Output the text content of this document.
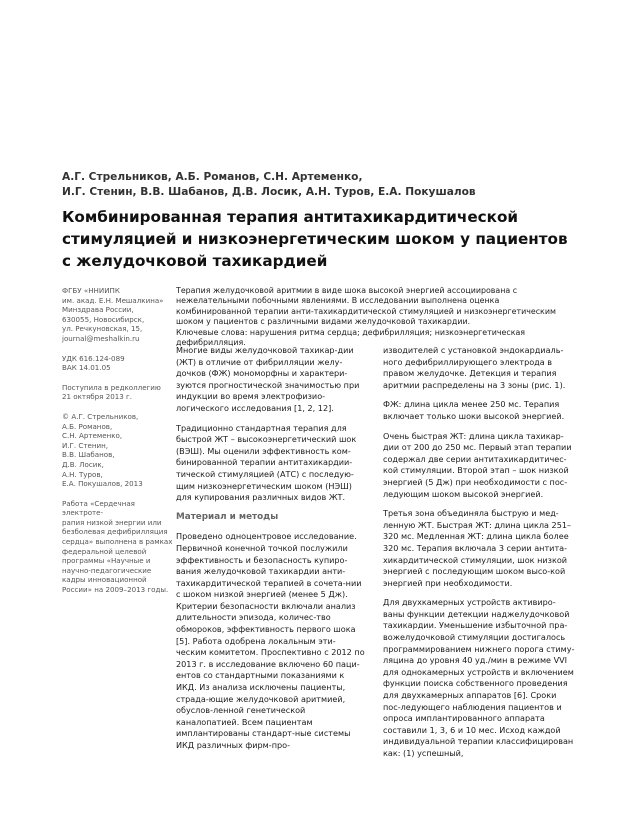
А.Г. Стрельников, А.Б. Романов, С.Н. Артеменко,
И.Г. Стенин, В.В. Шабанов, Д.В. Лосик, А.Н. Туров, Е.А. Покушалов
Комбинированная терапия антитахикардитической
стимуляцией и низкоэнергетическим шоком у пациентов
с желудочковой тахикардией

ФГБУ «ННИИПК
им. акад. Е.Н. Мешалкина»
Минздрава России,
630055, Новосибирск,
ул. Речкуновская, 15,
journal@meshalkin.ru

УДК 616.124-089
ВАК 14.01.05

Поступила в редколлегию
21 октября 2013 г.

© А.Г. Стрельников,
А.Б. Романов,
С.Н. Артеменко,
И.Г. Стенин,
В.В. Шабанов,
Д.В. Лосик,
А.Н. Туров,
Е.А. Покушалов, 2013

Работа «Сердечная электроте-
рапия низкой энергии или
безболевая дефибрилляция
сердца» выполнена в рамках
федеральной целевой
программы «Научные и
научно-педагогические
кадры инновационной
России» на 2009–2013 годы.

Терапия желудочковой аритмии в виде шока высокой энергией ассоциирована с нежелательными побочными явлениями. В исследовании выполнена оценка комбинированной терапии анти-тахикардитической стимуляцией и низкоэнергетическим шоком у пациентов с различными видами желудочковой тахикардии.

Ключевые слова: нарушения ритма сердца; дефибрилляция; низкоэнергетическая дефибрилляция.

Многие виды желудочковой тахикар-дии (ЖТ) в отличие от фибрилляции желу-дочков (ФЖ) мономорфны и характери-зуются прогностической значимостью при индукции во время электрофизио-логического исследования [1, 2, 12].

Традиционно стандартная терапия для быстрой ЖТ – высокоэнергетический шок (ВЭШ). Мы оценили эффективность ком-бинированной терапии антитахикардии-тической стимуляцией (АТС) с последую-щим низкоэнергетическим шоком (НЭШ) для купирования различных видов ЖТ.

Материал и методы

Проведено одноцентровое исследование. Первичной конечной точкой послужили эффективность и безопасность купиро-вания желудочковой тахикардии анти-тахикардитической терапией в сочета-нии с шоком низкой энергией (менее 5 Дж). Критерии безопасности включали анализ длительности эпизода, количес-тво обмороков, эффективность первого шока [5]. Работа одобрена локальным эти-ческим комитетом. Проспективно с 2012 по 2013 г. в исследование включено 60 паци-ентов со стандартными показаниями к ИКД. Из анализа исключены пациенты, страда-ющие желудочковой аритмией, обуслов-ленной генетической каналопатией. Всем пациентам имплантированы стандарт-ные системы ИКД различных фирм-про-

изводителей с установкой эндокардиаль-ного дефибриллирующего электрода в правом желудочке. Детекция и терапия аритмии распределены на 3 зоны (рис. 1).

ФЖ: длина цикла менее 250 мс. Терапия включает только шоки высокой энергией.

Очень быстрая ЖТ: длина цикла тахикар-дии от 200 до 250 мс. Первый этап терапии содержал две серии антитахикардитичес-кой стимуляции. Второй этап – шок низкой энергией (5 Дж) при необходимости с пос-ледующим шоком высокой энергией.

Третья зона объединяла быструю и мед-ленную ЖТ. Быстрая ЖТ: длина цикла 251–320 мс. Медленная ЖТ: длина цикла более 320 мс. Терапия включала 3 серии антита-хикардитической стимуляции, шок низкой энергией с последующим шоком высо-кой энергией при необходимости.

Для двухкамерных устройств активиро-ваны функции детекции наджелудочковой тахикардии. Уменьшение избыточной пра-вожелудочковой стимуляции достигалось программированием нижнего порога стиму-ляцина до уровня 40 уд./мин в режиме VVI для однокамерных устройств и включением функции поиска собственного проведения для двухкамерных аппаратов [6]. Сроки пос-ледующего наблюдения пациентов и опроса имплантированного аппарата составили 1, 3, 6 и 10 мес. Исход каждой индивидуальной терапии классифицирован как: (1) успешный,
